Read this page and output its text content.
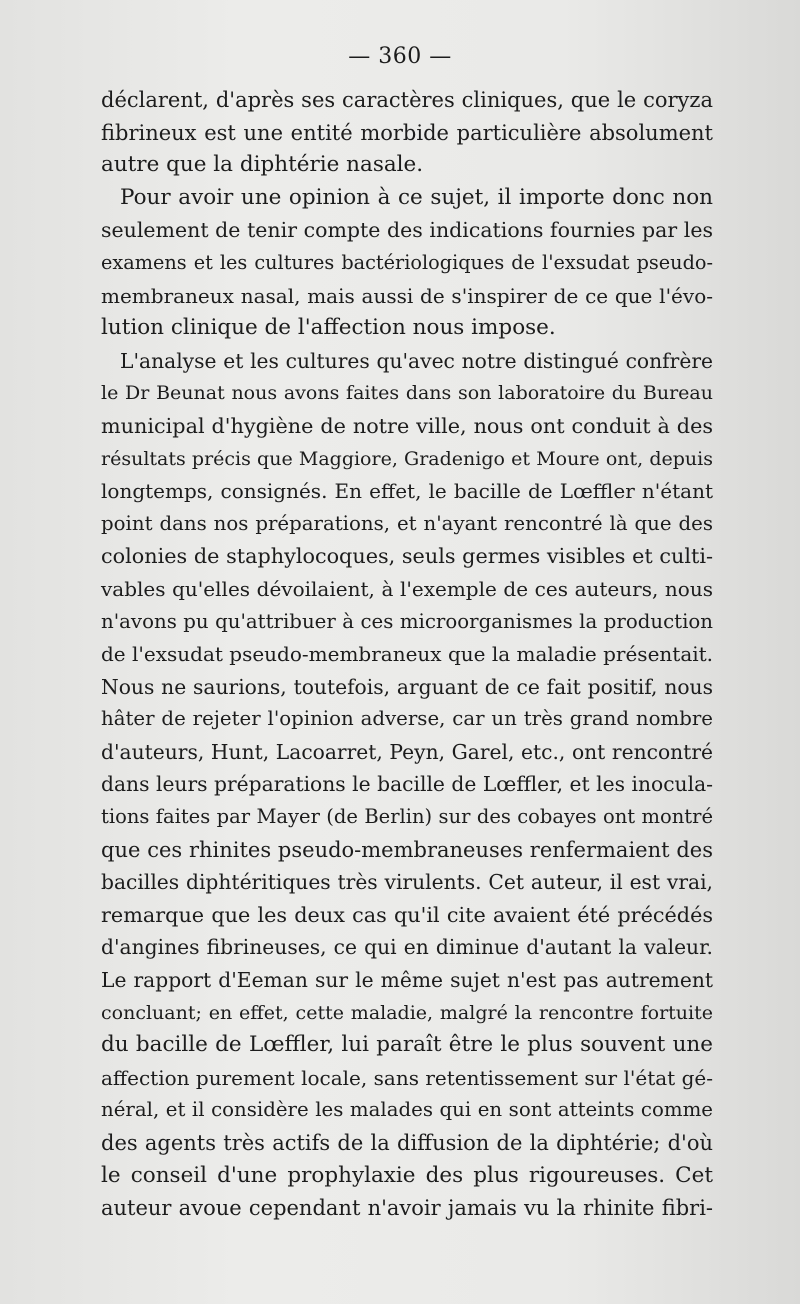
— 360 —
déclarent, d'après ses caractères cliniques, que le coryza
fibrineux est une entité morbide particulière absolument
autre que la diphtérie nasale.
Pour avoir une opinion à ce sujet, il importe donc non
seulement de tenir compte des indications fournies par les
examens et les cultures bactériologiques de l'exsudat pseudo-
membraneux nasal, mais aussi de s'inspirer de ce que l'évo-
lution clinique de l'affection nous impose.
L'analyse et les cultures qu'avec notre distingué confrère
le Dr Beunat nous avons faites dans son laboratoire du Bureau
municipal d'hygiène de notre ville, nous ont conduit à des
résultats précis que Maggiore, Gradenigo et Moure ont, depuis
longtemps, consignés. En effet, le bacille de Lœffler n'étant
point dans nos préparations, et n'ayant rencontré là que des
colonies de staphylocoques, seuls germes visibles et culti-
vables qu'elles dévoilaient, à l'exemple de ces auteurs, nous
n'avons pu qu'attribuer à ces microorganismes la production
de l'exsudat pseudo-membraneux que la maladie présentait.
Nous ne saurions, toutefois, arguant de ce fait positif, nous
hâter de rejeter l'opinion adverse, car un très grand nombre
d'auteurs, Hunt, Lacoarret, Peyn, Garel, etc., ont rencontré
dans leurs préparations le bacille de Lœffler, et les inocula-
tions faites par Mayer (de Berlin) sur des cobayes ont montré
que ces rhinites pseudo-membraneuses renfermaient des
bacilles diphtéritiques très virulents. Cet auteur, il est vrai,
remarque que les deux cas qu'il cite avaient été précédés
d'angines fibrineuses, ce qui en diminue d'autant la valeur.
Le rapport d'Eeman sur le même sujet n'est pas autrement
concluant; en effet, cette maladie, malgré la rencontre fortuite
du bacille de Lœffler, lui paraît être le plus souvent une
affection purement locale, sans retentissement sur l'état gé-
néral, et il considère les malades qui en sont atteints comme
des agents très actifs de la diffusion de la diphtérie; d'où
le conseil d'une prophylaxie des plus rigoureuses. Cet
auteur avoue cependant n'avoir jamais vu la rhinite fibri-
